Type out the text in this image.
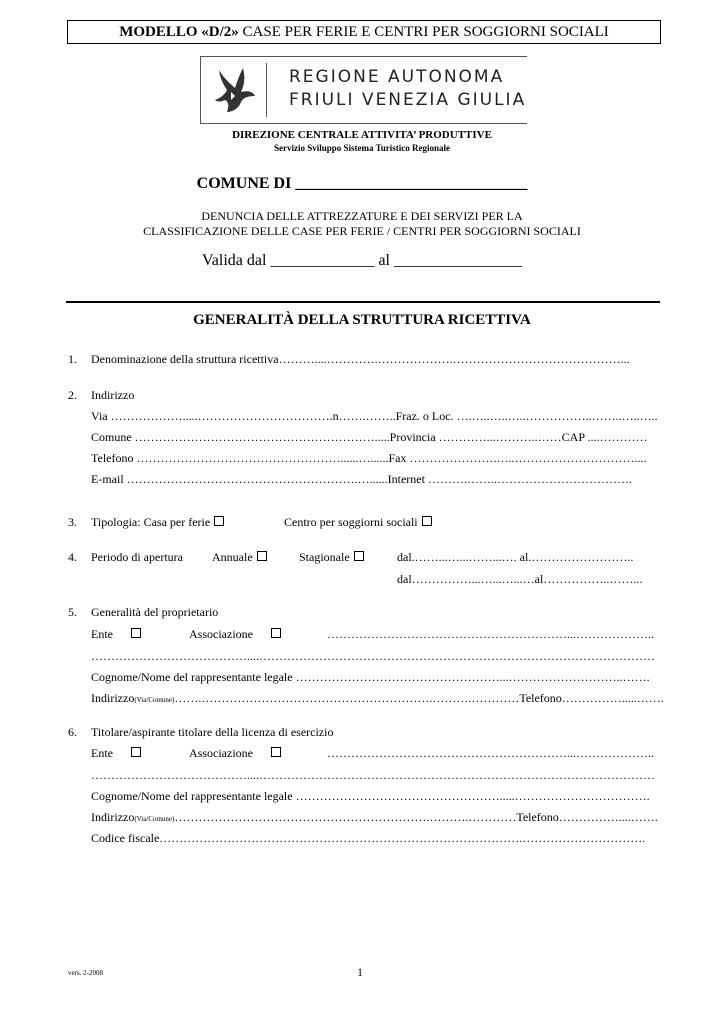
MODELLO «D/2» CASE PER FERIE E CENTRI PER SOGGIORNI SOCIALI
REGIONE AUTONOMA
FRIULI VENEZIA GIULIA
DIREZIONE CENTRALE ATTIVITA’ PRODUTTIVE
Servizio Sviluppo Sistema Turistico Regionale
COMUNE DI _____________________________
DENUNCIA DELLE ATTREZZATURE E DEI SERVIZI PER LA
CLASSIFICAZIONE DELLE CASE PER FERIE / CENTRI PER SOGGIORNI SOCIALI
Valida dal _____________ al ________________
GENERALITÀ DELLA STRUTTURA RICETTIVA
1. Denominazione della struttura ricettiva………....………….……………….……………………………………...
2. Indirizzo
Via ……………….....…………………………….n…….……..Fraz. o Loc. ….…..…..…..……………..……..…..…..
Comune …………………………………………………….....Provincia …………...………..……CAP ....…………
Telefono ……………………………………………......…......Fax ………………….…..…………………………....
E-mail ………………………………………………….…......Internet ……….……..…………………………….
3. Tipologia: Casa per ferie	Centro per soggiorni sociali
4. Periodo di apertura Annuale	Stagionale	dal.……...…...……...…. al.……………………..
dal……………...…...…...…al……………..……...
5. Generalità del proprietario
Ente	Associazione	……………………………………………………...………………..
…………………………………....………………………………………………………………………………………
Cognome/Nome del rappresentante legale ……………………………………………...………………………..…….
Indirizzo(Via/Comune)…….………………………………………………….……….…………Telefono…………….....…….
6. Titolare/aspirante titolare della licenza di esercizio
Ente	Associazione	……………………………………………………...………………..
…………………………………....………………………………………………………………………………………
Cognome/Nome del rappresentante legale …………………………………………….....…………………………….
Indirizzo(Via/Comune)……………………………………………………….……….…………Telefono……………....…….
Codice fiscale……………………………………………………………………………….………………………….
vers. 2-2008	1
